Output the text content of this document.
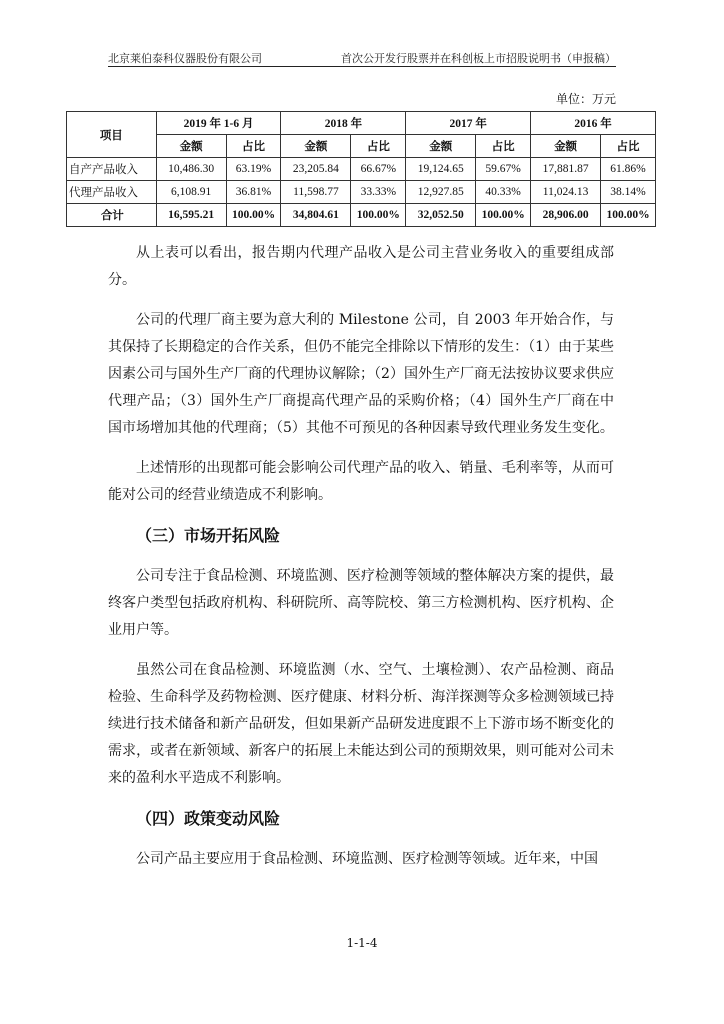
北京莱伯泰科仪器股份有限公司	首次公开发行股票并在科创板上市招股说明书（申报稿）
单位：万元
项目	2019 年 1-6 月		2018 年		2017 年		2016 年	
	金额	占比	金额	占比	金额	占比	金额	占比
自产产品收入	10,486.30	63.19%	23,205.84	66.67%	19,124.65	59.67%	17,881.87	61.86%
代理产品收入	6,108.91	36.81%	11,598.77	33.33%	12,927.85	40.33%	11,024.13	38.14%
合计	16,595.21	100.00%	34,804.61	100.00%	32,052.50	100.00%	28,906.00	100.00%

从上表可以看出，报告期内代理产品收入是公司主营业务收入的重要组成部分。

公司的代理厂商主要为意大利的 Milestone 公司，自 2003 年开始合作，与其保持了长期稳定的合作关系，但仍不能完全排除以下情形的发生：（1）由于某些因素公司与国外生产厂商的代理协议解除；（2）国外生产厂商无法按协议要求供应代理产品；（3）国外生产厂商提高代理产品的采购价格；（4）国外生产厂商在中国市场增加其他的代理商；（5）其他不可预见的各种因素导致代理业务发生变化。

上述情形的出现都可能会影响公司代理产品的收入、销量、毛利率等，从而可能对公司的经营业绩造成不利影响。

（三）市场开拓风险

公司专注于食品检测、环境监测、医疗检测等领域的整体解决方案的提供，最终客户类型包括政府机构、科研院所、高等院校、第三方检测机构、医疗机构、企业用户等。

虽然公司在食品检测、环境监测（水、空气、土壤检测）、农产品检测、商品检验、生命科学及药物检测、医疗健康、材料分析、海洋探测等众多检测领域已持续进行技术储备和新产品研发，但如果新产品研发进度跟不上下游市场不断变化的需求，或者在新领域、新客户的拓展上未能达到公司的预期效果，则可能对公司未来的盈利水平造成不利影响。

（四）政策变动风险

公司产品主要应用于食品检测、环境监测、医疗检测等领域。近年来，中国

1-1-4
